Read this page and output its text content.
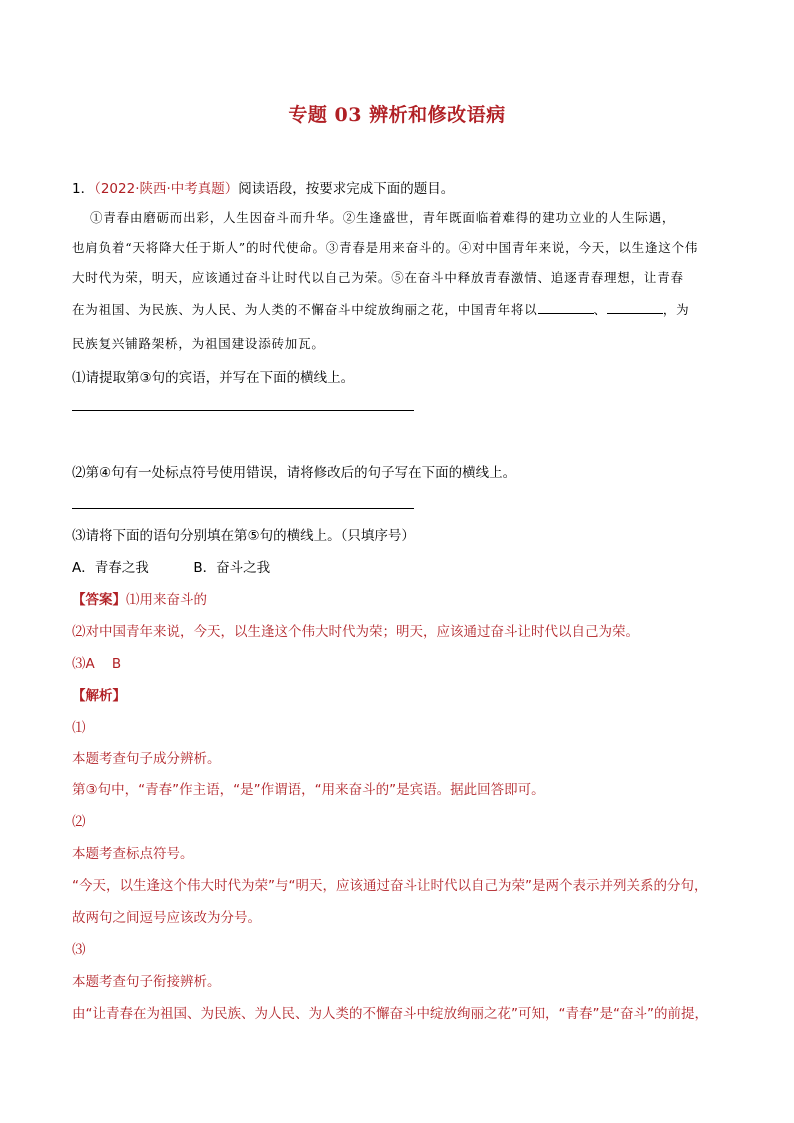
专题 03 辨析和修改语病
1．（2022·陕西·中考真题）阅读语段，按要求完成下面的题目。
①青春由磨砺而出彩，人生因奋斗而升华。②生逢盛世，青年既面临着难得的建功立业的人生际遇，
也肩负着“天将降大任于斯人”的时代使命。③青春是用来奋斗的。④对中国青年来说，今天，以生逢这个伟
大时代为荣，明天，应该通过奋斗让时代以自己为荣。⑤在奋斗中释放青春激情、追逐青春理想，让青春
在为祖国、为民族、为人民、为人类的不懈奋斗中绽放绚丽之花，中国青年将以	、	，为
民族复兴铺路架桥，为祖国建设添砖加瓦。
⑴请提取第③句的宾语，并写在下面的横线上。
⑵第④句有一处标点符号使用错误，请将修改后的句子写在下面的横线上。
⑶请将下面的语句分别填在第⑤句的横线上。（只填序号）
A．青春之我	B．奋斗之我
【答案】⑴用来奋斗的
⑵对中国青年来说，今天，以生逢这个伟大时代为荣；明天，应该通过奋斗让时代以自己为荣。
⑶A    B
【解析】
⑴
本题考查句子成分辨析。
第③句中，“青春”作主语，“是”作谓语，“用来奋斗的”是宾语。据此回答即可。
⑵
本题考查标点符号。
“今天，以生逢这个伟大时代为荣”与“明天，应该通过奋斗让时代以自己为荣”是两个表示并列关系的分句，
故两句之间逗号应该改为分号。
⑶
本题考查句子衔接辨析。
由“让青春在为祖国、为民族、为人民、为人类的不懈奋斗中绽放绚丽之花”可知，“青春”是“奋斗”的前提，
